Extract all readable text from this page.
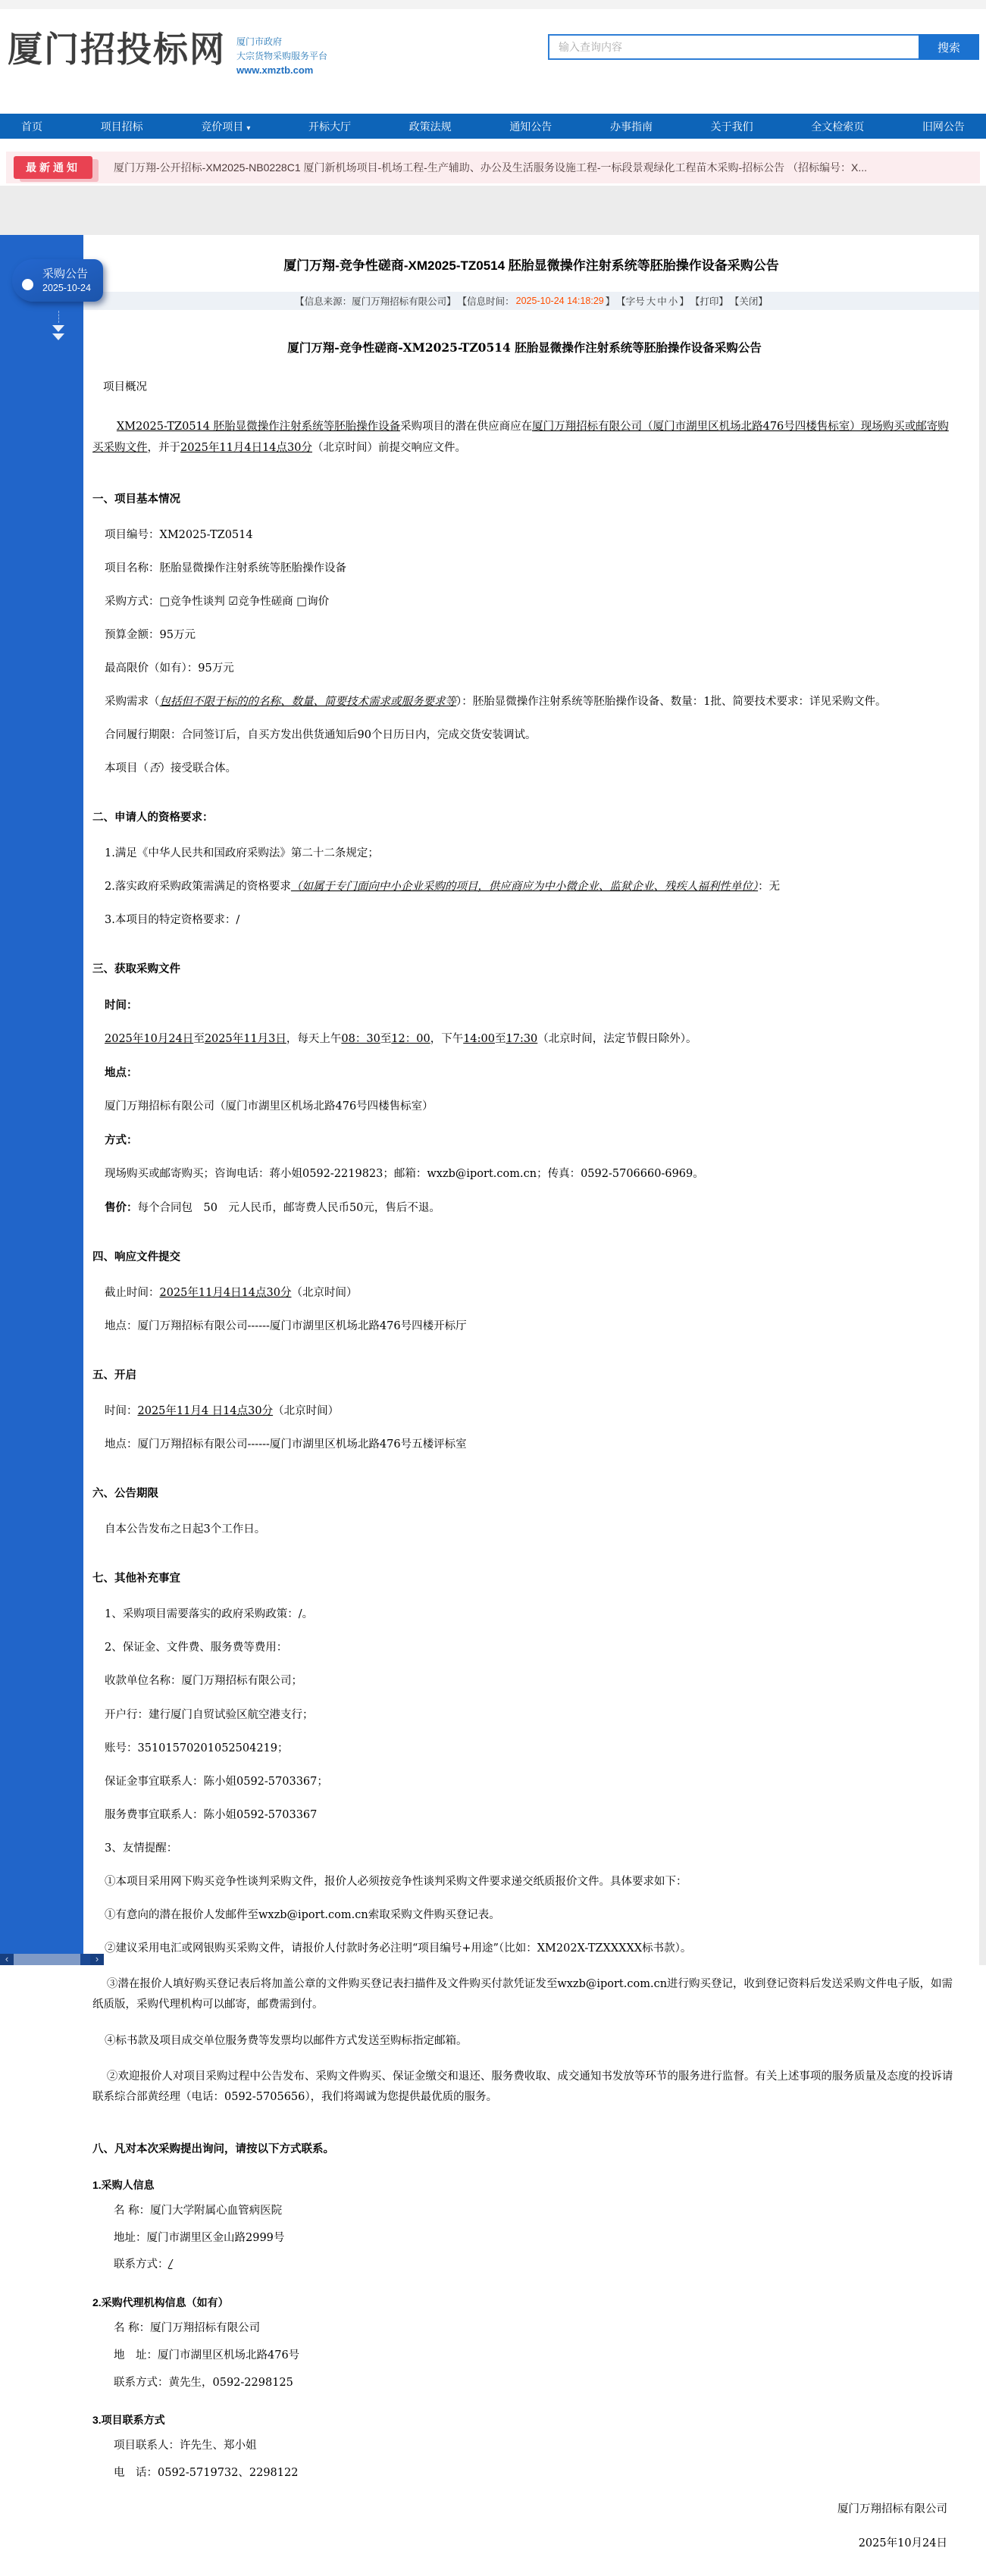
厦门招投标网 厦门市政府
大宗货物采购服务平台
www.xmztb.com
输入查询内容
搜索
首页	项目招标	竞价项目 ▾	开标大厅	政策法规	通知公告	办事指南	关于我们	全文检索页	旧网公告
最新通知	厦门万翔-公开招标-XM2025-NB0228C1 厦门新机场项目-机场工程-生产辅助、办公及生活服务设施工程-一标段景观绿化工程苗木采购-招标公告 （招标编号：X...
采购公告
2025-10-24
‹	›
厦门万翔-竞争性磋商-XM2025-TZ0514 胚胎显微操作注射系统等胚胎操作设备采购公告
【信息来源：厦门万翔招标有限公司】 【信息时间： 2025-10-24 14:18:29 】 【字号 大 中 小 】 【打印】 【关闭】
厦门万翔-竞争性磋商-XM2025-TZ0514 胚胎显微操作注射系统等胚胎操作设备采购公告
项目概况
XM2025-TZ0514 胚胎显微操作注射系统等胚胎操作设备采购项目的潜在供应商应在厦门万翔招标有限公司（厦门市湖里区机场北路476号四楼售标室）现场购买或邮寄购买采购文件，并于2025年11月4日14点30分（北京时间）前提交响应文件。
一、项目基本情况
项目编号：XM2025-TZ0514
项目名称：胚胎显微操作注射系统等胚胎操作设备
采购方式：□竞争性谈判 ☑竞争性磋商 □询价
预算金额：95万元
最高限价（如有）：95万元
采购需求（包括但不限于标的的名称、数量、简要技术需求或服务要求等）：胚胎显微操作注射系统等胚胎操作设备、数量：1批、简要技术要求：详见采购文件。
合同履行期限：合同签订后，自买方发出供货通知后90个日历日内，完成交货安装调试。
本项目（否）接受联合体。
二、申请人的资格要求：
1.满足《中华人民共和国政府采购法》第二十二条规定；
2.落实政府采购政策需满足的资格要求（如属于专门面向中小企业采购的项目，供应商应为中小微企业、监狱企业、残疾人福利性单位）：无
3.本项目的特定资格要求：/
三、获取采购文件
时间：
2025年10月24日至2025年11月3日，每天上午08：30至12：00，下午14:00至17:30（北京时间，法定节假日除外）。
地点：
厦门万翔招标有限公司（厦门市湖里区机场北路476号四楼售标室）
方式：
现场购买或邮寄购买；咨询电话：蒋小姐0592-2219823；邮箱：wxzb@iport.com.cn；传真：0592-5706660-6969。
售价：每个合同包　50　元人民币，邮寄费人民币50元，售后不退。
四、响应文件提交
截止时间：2025年11月4日14点30分（北京时间）
地点：厦门万翔招标有限公司------厦门市湖里区机场北路476号四楼开标厅
五、开启
时间：2025年11月4 日14点30分（北京时间）
地点：厦门万翔招标有限公司------厦门市湖里区机场北路476号五楼评标室
六、公告期限
自本公告发布之日起3个工作日。
七、其他补充事宜
1、采购项目需要落实的政府采购政策：/。
2、保证金、文件费、服务费等费用：
收款单位名称：厦门万翔招标有限公司；
开户行：建行厦门自贸试验区航空港支行；
账号：35101570201052504219；
保证金事宜联系人：陈小姐0592-5703367；
服务费事宜联系人：陈小姐0592-5703367
3、友情提醒：
①本项目采用网下购买竞争性谈判采购文件，报价人必须按竞争性谈判采购文件要求递交纸质报价文件。具体要求如下：
①有意向的潜在报价人发邮件至wxzb@iport.com.cn索取采购文件购买登记表。
②建议采用电汇或网银购买采购文件，请报价人付款时务必注明“项目编号+用途”（比如：XM202X-TZXXXXX标书款）。
③潜在报价人填好购买登记表后将加盖公章的文件购买登记表扫描件及文件购买付款凭证发至wxzb@iport.com.cn进行购买登记，收到登记资料后发送采购文件电子版，如需纸质版，采购代理机构可以邮寄，邮费需到付。
④标书款及项目成交单位服务费等发票均以邮件方式发送至购标指定邮箱。
②欢迎报价人对项目采购过程中公告发布、采购文件购买、保证金缴交和退还、服务费收取、成交通知书发放等环节的服务进行监督。有关上述事项的服务质量及态度的投诉请联系综合部黄经理（电话：0592-5705656），我们将竭诚为您提供最优质的服务。
八、凡对本次采购提出询问，请按以下方式联系。
1.采购人信息
名 称：厦门大学附属心血管病医院
地址：厦门市湖里区金山路2999号
联系方式：/
2.采购代理机构信息（如有）
名 称：厦门万翔招标有限公司
地　址：厦门市湖里区机场北路476号
联系方式：黄先生，0592-2298125
3.项目联系方式
项目联系人：许先生、郑小姐
电　话：0592-5719732、2298122
厦门万翔招标有限公司
2025年10月24日
